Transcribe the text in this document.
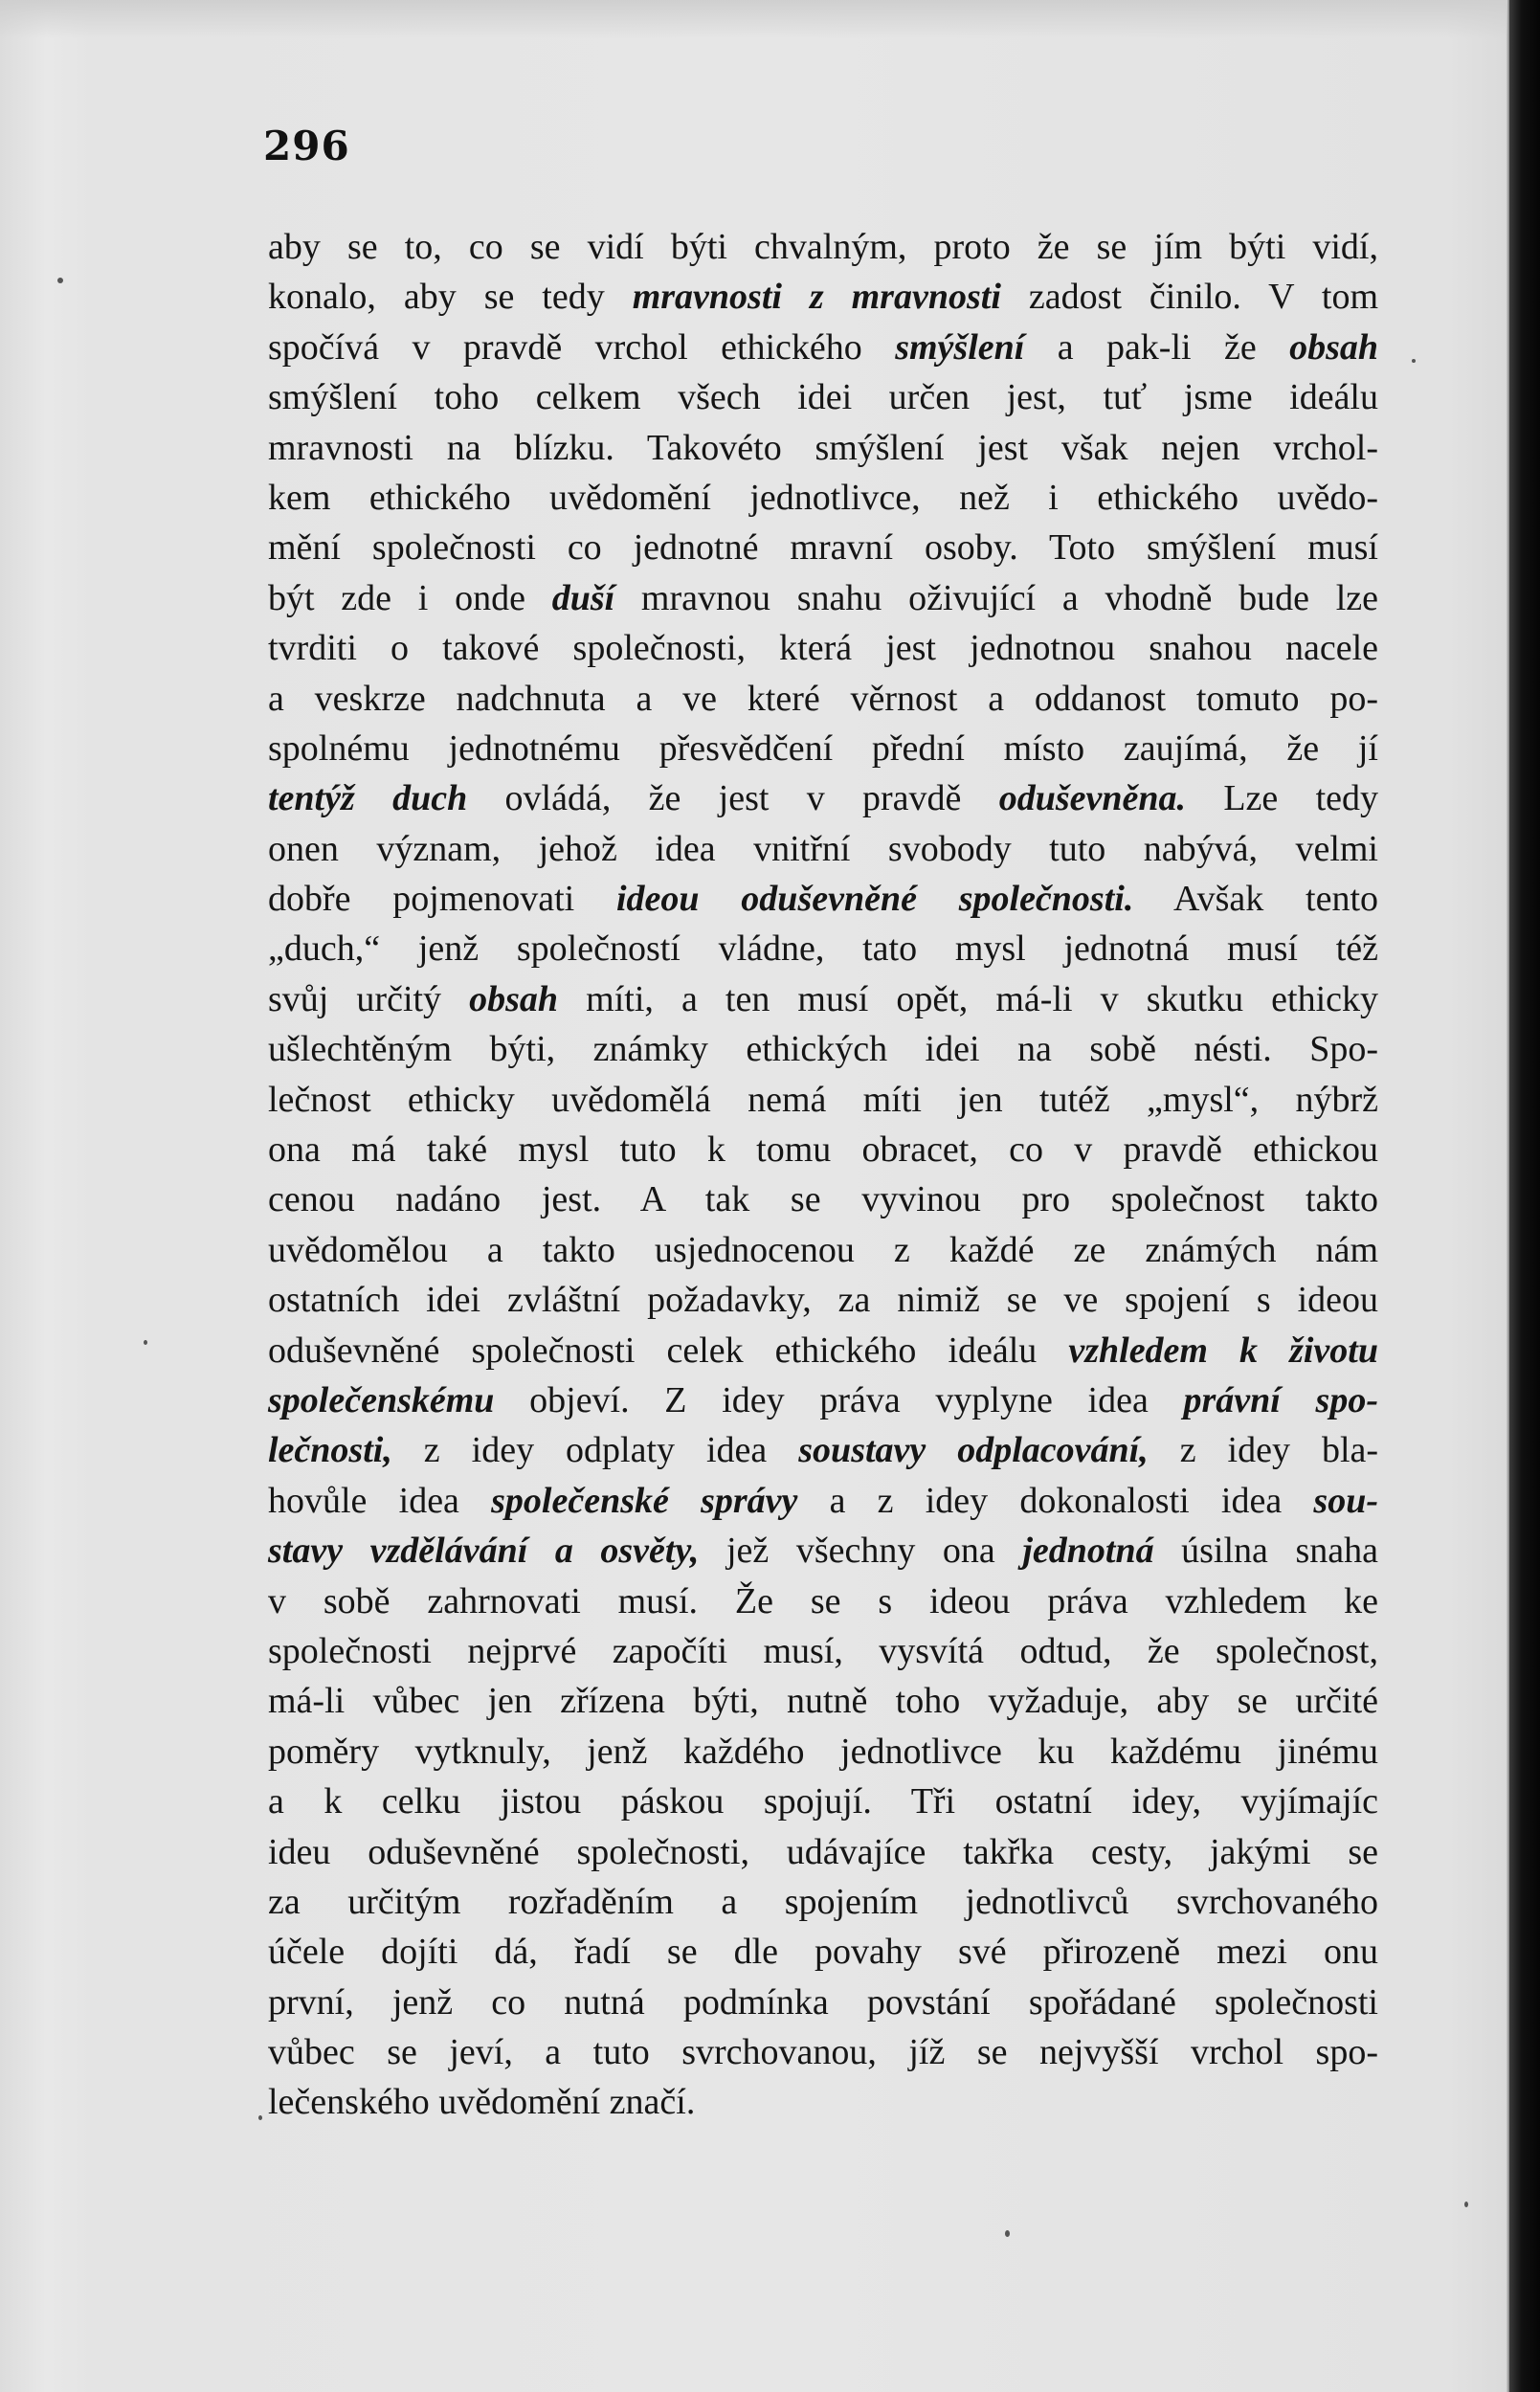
296
aby se to, co se vidí býti chvalným, proto že se jím býti vidí,
konalo, aby se tedy mravnosti z mravnosti zadost činilo. V tom
spočívá v pravdě vrchol ethického smýšlení a pak-li že obsah
smýšlení toho celkem všech idei určen jest, tuť jsme ideálu
mravnosti na blízku. Takovéto smýšlení jest však nejen vrchol-
kem ethického uvědomění jednotlivce, než i ethického uvědo-
mění společnosti co jednotné mravní osoby. Toto smýšlení musí
být zde i onde duší mravnou snahu oživující a vhodně bude lze
tvrditi o takové společnosti, která jest jednotnou snahou nacele
a veskrze nadchnuta a ve které věrnost a oddanost tomuto po-
spolnému jednotnému přesvědčení přední místo zaujímá, že jí
tentýž duch ovládá, že jest v pravdě oduševněna. Lze tedy
onen význam, jehož idea vnitřní svobody tuto nabývá, velmi
dobře pojmenovati ideou oduševněné společnosti. Avšak tento
„duch,“ jenž společností vládne, tato mysl jednotná musí též
svůj určitý obsah míti, a ten musí opět, má-li v skutku ethicky
ušlechtěným býti, známky ethických idei na sobě nésti. Spo-
lečnost ethicky uvědomělá nemá míti jen tutéž „mysl“, nýbrž
ona má také mysl tuto k tomu obracet, co v pravdě ethickou
cenou nadáno jest. A tak se vyvinou pro společnost takto
uvědomělou a takto usjednocenou z každé ze známých nám
ostatních idei zvláštní požadavky, za nimiž se ve spojení s ideou
oduševněné společnosti celek ethického ideálu vzhledem k životu
společenskému objeví. Z idey práva vyplyne idea právní spo-
lečnosti, z idey odplaty idea soustavy odplacování, z idey bla-
hovůle idea společenské správy a z idey dokonalosti idea sou-
stavy vzdělávání a osvěty, jež všechny ona jednotná úsilna snaha
v sobě zahrnovati musí. Že se s ideou práva vzhledem ke
společnosti nejprvé započíti musí, vysvítá odtud, že společnost,
má-li vůbec jen zřízena býti, nutně toho vyžaduje, aby se určité
poměry vytknuly, jenž každého jednotlivce ku každému jinému
a k celku jistou páskou spojují. Tři ostatní idey, vyjímajíc
ideu oduševněné společnosti, udávajíce takřka cesty, jakými se
za určitým rozřaděním a spojením jednotlivců svrchovaného
účele dojíti dá, řadí se dle povahy své přirozeně mezi onu
první, jenž co nutná podmínka povstání spořádané společnosti
vůbec se jeví, a tuto svrchovanou, jíž se nejvyšší vrchol spo-
lečenského uvědomění značí.
